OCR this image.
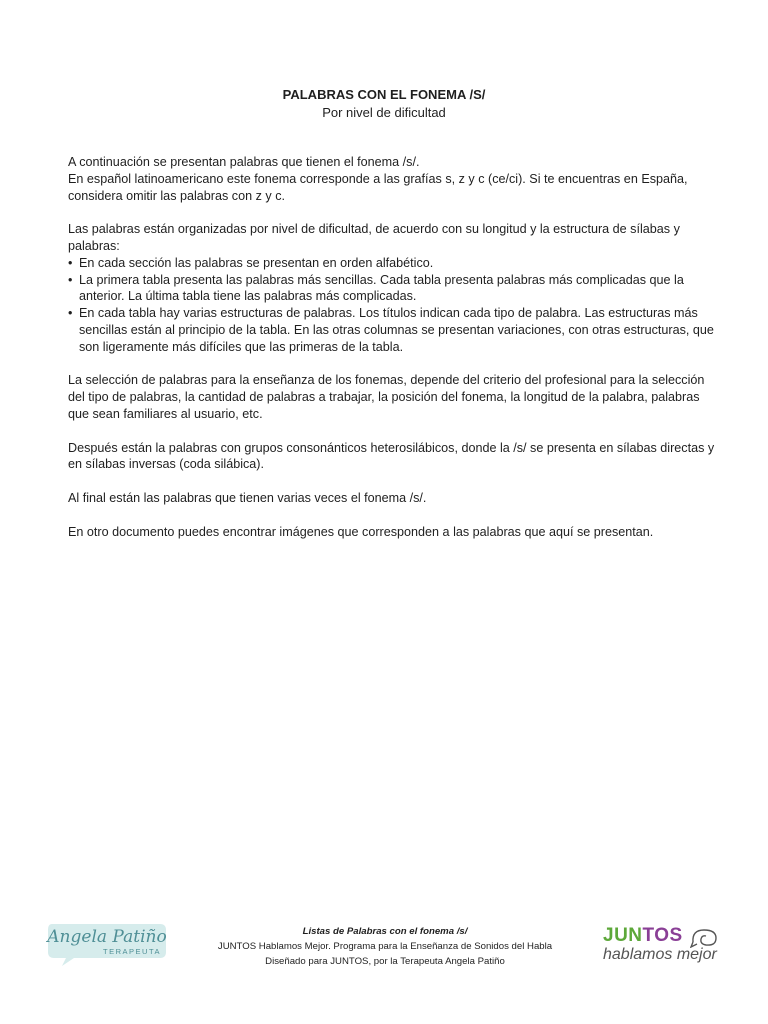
PALABRAS CON EL FONEMA /S/
Por nivel de dificultad

A continuación se presentan palabras que tienen el fonema /s/.

En español latinoamericano este fonema corresponde a las grafías s, z y c (ce/ci). Si te encuentras en España, considera omitir las palabras con z y c.

Las palabras están organizadas por nivel de dificultad, de acuerdo con su longitud y la estructura de sílabas y palabras:

• En cada sección las palabras se presentan en orden alfabético.
• La primera tabla presenta las palabras más sencillas. Cada tabla presenta palabras más complicadas que la anterior. La última tabla tiene las palabras más complicadas.
• En cada tabla hay varias estructuras de palabras. Los títulos indican cada tipo de palabra. Las estructuras más sencillas están al principio de la tabla. En las otras columnas se presentan variaciones, con otras estructuras, que son ligeramente más difíciles que las primeras de la tabla.

La selección de palabras para la enseñanza de los fonemas, depende del criterio del profesional para la selección del tipo de palabras, la cantidad de palabras a trabajar, la posición del fonema, la longitud de la palabra, palabras que sean familiares al usuario, etc.

Después están la palabras con grupos consonánticos heterosilábicos, donde la /s/ se presenta en sílabas directas y en sílabas inversas (coda silábica).

Al final están las palabras que tienen varias veces el fonema /s/.

En otro documento puedes encontrar imágenes que corresponden a las palabras que aquí se presentan.

Angela Patiño
TERAPEUTA
Listas de Palabras con el fonema /s/
JUNTOS Hablamos Mejor. Programa para la Enseñanza de Sonidos del Habla
Diseñado para JUNTOS, por la Terapeuta Angela Patiño
JUNTOS
hablamos mejor
